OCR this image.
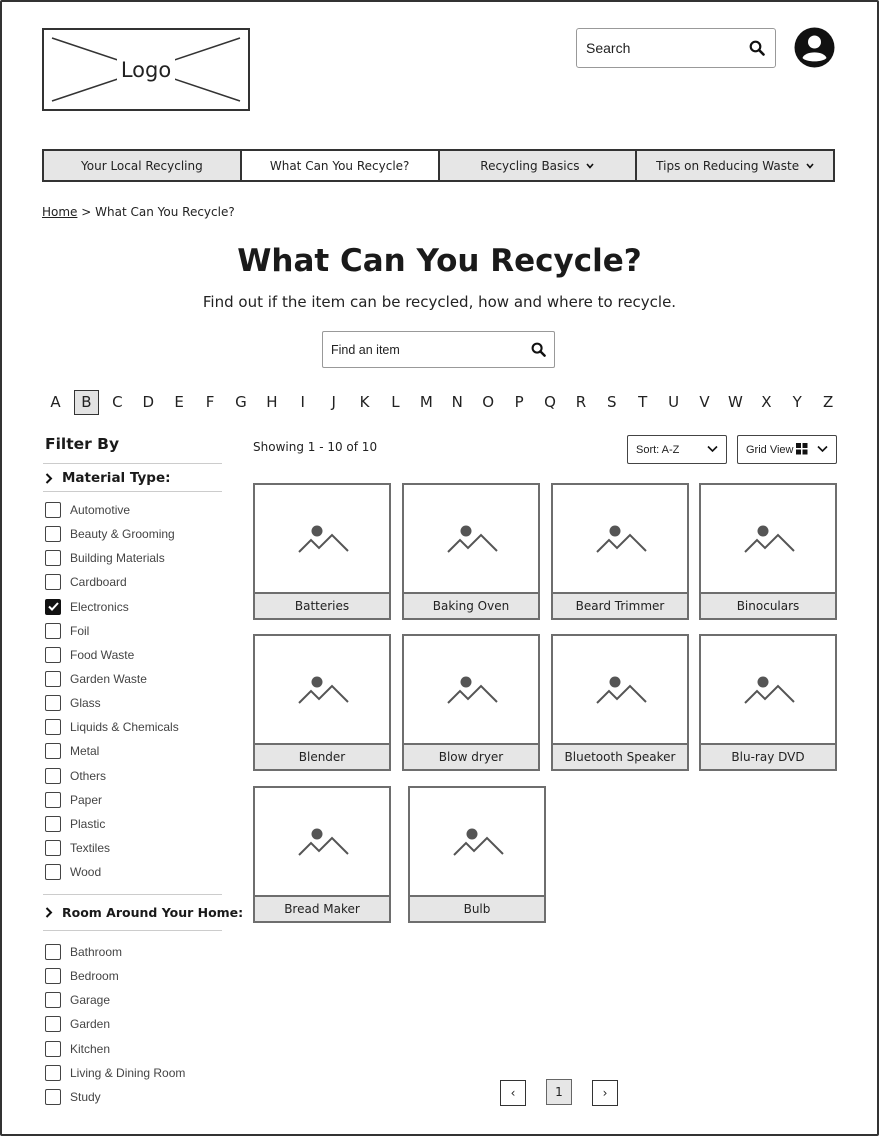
Logo
Search
Your Local Recycling	What Can You Recycle?	Recycling Basics	Tips on Reducing Waste
Home > What Can You Recycle?
What Can You Recycle?
Find out if the item can be recycled, how and where to recycle.
Find an item
A	B	C	D	E	F	G	H	I	J	K	L	M	N	O	P	Q	R	S	T	U	V	W	X	Y	Z
Filter By
Material Type:
Automotive
Beauty & Grooming
Building Materials
Cardboard
Electronics
Foil
Food Waste
Garden Waste
Glass
Liquids & Chemicals
Metal
Others
Paper
Plastic
Textiles
Wood
Room Around Your Home:
Bathroom
Bedroom
Garage
Garden
Kitchen
Living & Dining Room
Study
Showing 1 - 10 of 10	Sort: A-Z	Grid View
Batteries	Baking Oven	Beard Trimmer	Binoculars
Blender	Blow dryer	Bluetooth Speaker	Blu-ray DVD
Bread Maker	Bulb
‹	1	›
